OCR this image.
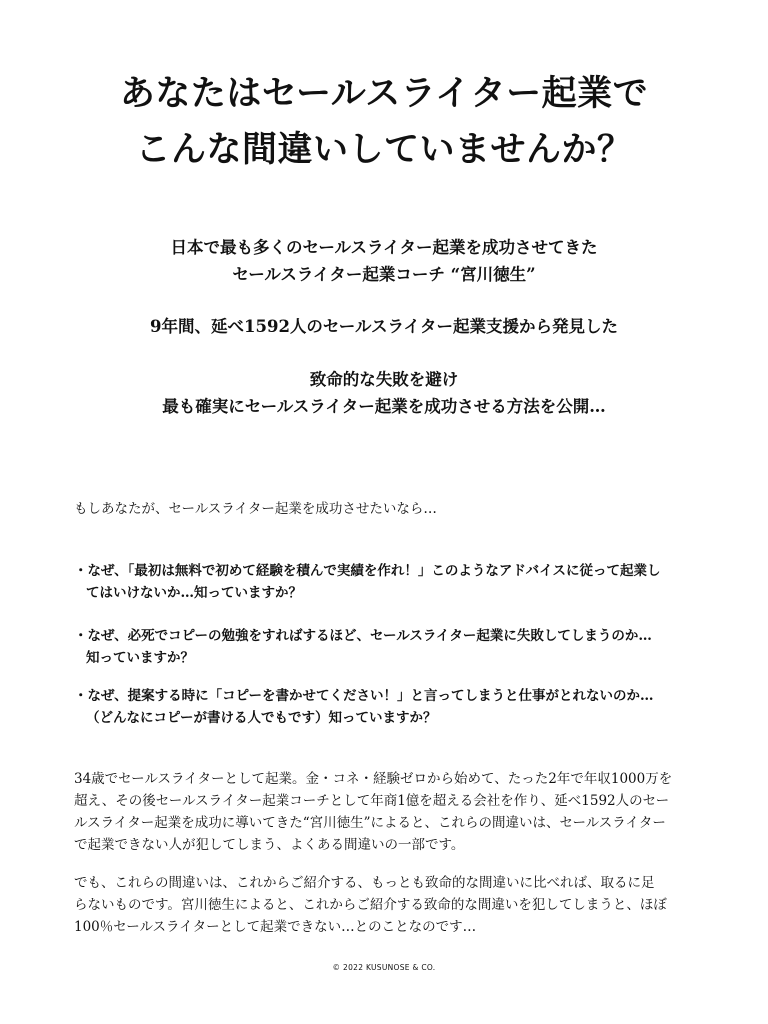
あなたはセールスライター起業で
こんな間違いしていませんか？

日本で最も多くのセールスライター起業を成功させてきた
セールスライター起業コーチ “宮川徳生”

9年間、延べ1592人のセールスライター起業支援から発見した

致命的な失敗を避け
最も確実にセールスライター起業を成功させる方法を公開…

もしあなたが、セールスライター起業を成功させたいなら…

・なぜ、「最初は無料で初めて経験を積んで実績を作れ！」このようなアドバイスに従って起業し
てはいけないか…知っていますか？

・なぜ、必死でコピーの勉強をすればするほど、セールスライター起業に失敗してしまうのか…
知っていますか？

・なぜ、提案する時に「コピーを書かせてください！」と言ってしまうと仕事がとれないのか…
（どんなにコピーが書ける人でもです）知っていますか？

34歳でセールスライターとして起業。金・コネ・経験ゼロから始めて、たった2年で年収1000万を
超え、その後セールスライター起業コーチとして年商1億を超える会社を作り、延べ1592人のセー
ルスライター起業を成功に導いてきた“宮川徳生”によると、これらの間違いは、セールスライター
で起業できない人が犯してしまう、よくある間違いの一部です。

でも、これらの間違いは、これからご紹介する、もっとも致命的な間違いに比べれば、取るに足
らないものです。宮川徳生によると、これからご紹介する致命的な間違いを犯してしまうと、ほぼ
100％セールスライターとして起業できない…とのことなのです…

© 2022 KUSUNOSE & CO.
